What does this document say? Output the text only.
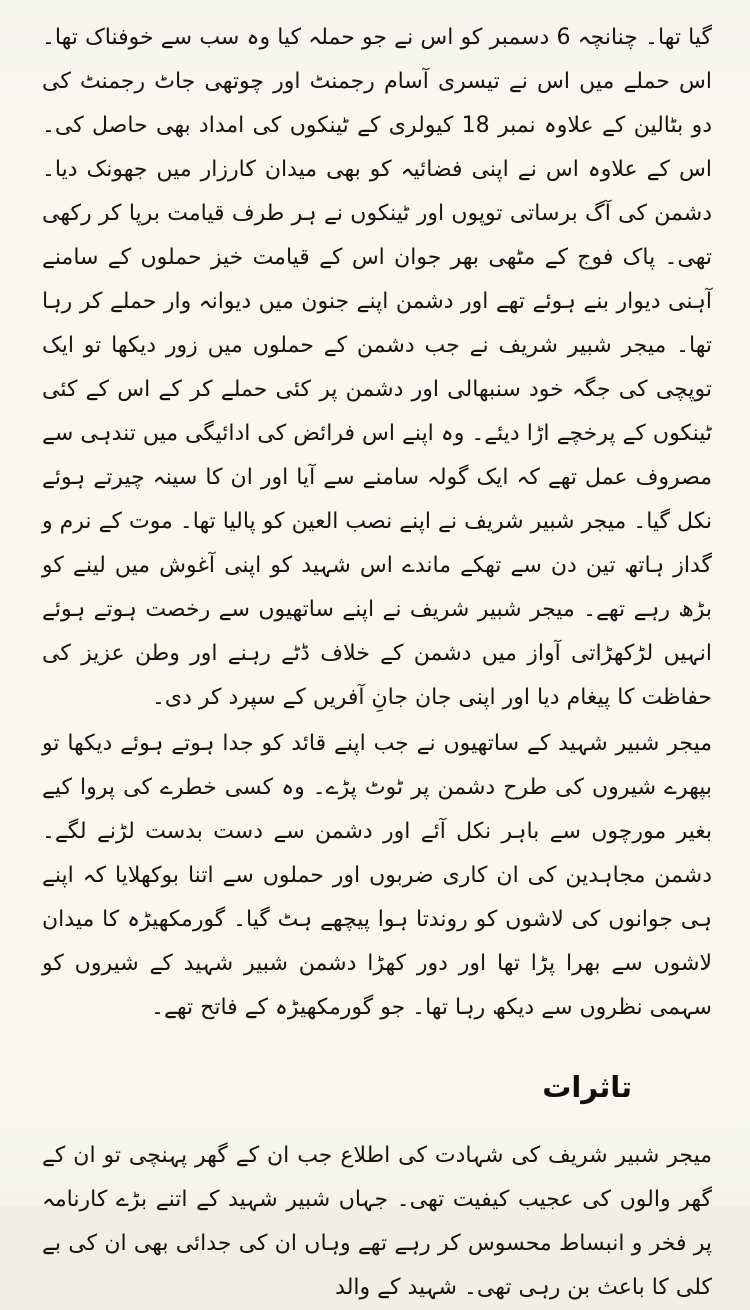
گیا تھا۔ چنانچہ 6 دسمبر کو اس نے جو حملہ کیا وہ سب سے خوفناک تھا۔ اس حملے میں اس نے تیسری آسام رجمنٹ اور چوتھی جاٹ رجمنٹ کی دو بٹالین کے علاوہ نمبر 18 کیولری کے ٹینکوں کی امداد بھی حاصل کی۔ اس کے علاوہ اس نے اپنی فضائیہ کو بھی میدان کارزار میں جھونک دیا۔ دشمن کی آگ برساتی توپوں اور ٹینکوں نے ہر طرف قیامت برپا کر رکھی تھی۔ پاک فوج کے مٹھی بھر جوان اس کے قیامت خیز حملوں کے سامنے آہنی دیوار بنے ہوئے تھے اور دشمن اپنے جنون میں دیوانہ وار حملے کر رہا تھا۔ میجر شبیر شریف نے جب دشمن کے حملوں میں زور دیکھا تو ایک توپچی کی جگہ خود سنبھالی اور دشمن پر کئی حملے کر کے اس کے کئی ٹینکوں کے پرخچے اڑا دیئے۔ وہ اپنے اس فرائض کی ادائیگی میں تندہی سے مصروف عمل تھے کہ ایک گولہ سامنے سے آیا اور ان کا سینہ چیرتے ہوئے نکل گیا۔ میجر شبیر شریف نے اپنے نصب العین کو پالیا تھا۔ موت کے نرم و گداز ہاتھ تین دن سے تھکے ماندے اس شہید کو اپنی آغوش میں لینے کو بڑھ رہے تھے۔ میجر شبیر شریف نے اپنے ساتھیوں سے رخصت ہوتے ہوئے انہیں لڑکھڑاتی آواز میں دشمن کے خلاف ڈٹے رہنے اور وطن عزیز کی حفاظت کا پیغام دیا اور اپنی جان جانِ آفریں کے سپرد کر دی۔

میجر شبیر شہید کے ساتھیوں نے جب اپنے قائد کو جدا ہوتے ہوئے دیکھا تو بپھرے شیروں کی طرح دشمن پر ٹوٹ پڑے۔ وہ کسی خطرے کی پروا کیے بغیر مورچوں سے باہر نکل آئے اور دشمن سے دست بدست لڑنے لگے۔ دشمن مجاہدین کی ان کاری ضربوں اور حملوں سے اتنا بوکھلایا کہ اپنے ہی جوانوں کی لاشوں کو روندتا ہوا پیچھے ہٹ گیا۔ گورمکھیڑہ کا میدان لاشوں سے بھرا پڑا تھا اور دور کھڑا دشمن شبیر شہید کے شیروں کو سہمی نظروں سے دیکھ رہا تھا۔ جو گورمکھیڑہ کے فاتح تھے۔

تاثرات

میجر شبیر شریف کی شہادت کی اطلاع جب ان کے گھر پہنچی تو ان کے گھر والوں کی عجیب کیفیت تھی۔ جہاں شبیر شہید کے اتنے بڑے کارنامہ پر فخر و انبساط محسوس کر رہے تھے وہاں ان کی جدائی بھی ان کی بے کلی کا باعث بن رہی تھی۔ شہید کے والد
